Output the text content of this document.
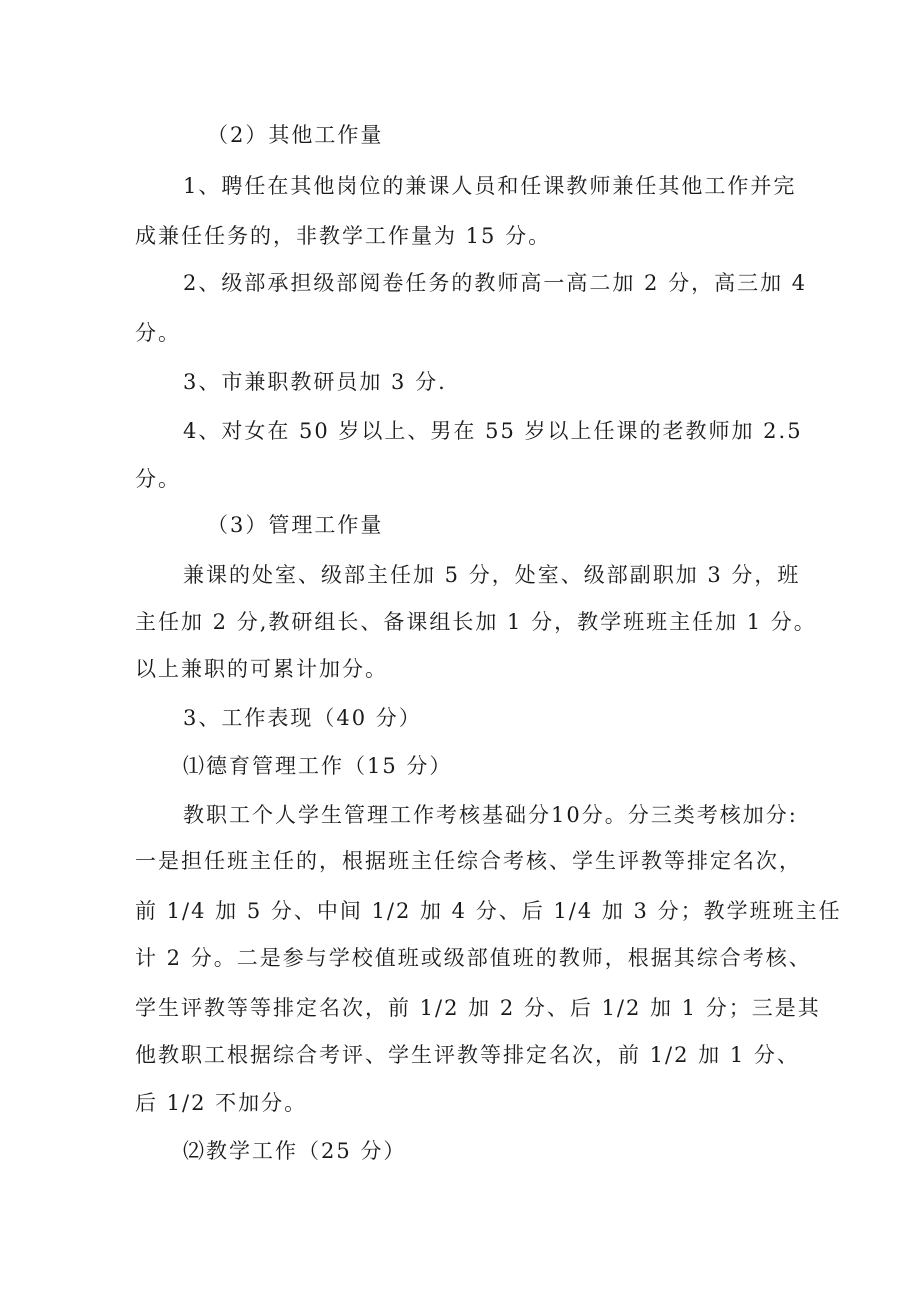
（2）其他工作量
1、聘任在其他岗位的兼课人员和任课教师兼任其他工作并完
成兼任任务的，非教学工作量为 15 分。
2、级部承担级部阅卷任务的教师高一高二加 2 分，高三加 4
分。
3、市兼职教研员加 3 分.
4、对女在 50 岁以上、男在 55 岁以上任课的老教师加 2.5
分。
（3）管理工作量
兼课的处室、级部主任加 5 分，处室、级部副职加 3 分，班
主任加 2 分,教研组长、备课组长加 1 分，教学班班主任加 1 分。
以上兼职的可累计加分。
3、工作表现（40 分）
⑴德育管理工作（15 分）
教职工个人学生管理工作考核基础分10分。分三类考核加分:
一是担任班主任的，根据班主任综合考核、学生评教等排定名次，
前 1/4 加 5 分、中间 1/2 加 4 分、后 1/4 加 3 分；教学班班主任
计 2 分。二是参与学校值班或级部值班的教师，根据其综合考核、
学生评教等等排定名次，前 1/2 加 2 分、后 1/2 加 1 分；三是其
他教职工根据综合考评、学生评教等排定名次，前 1/2 加 1 分、
后 1/2 不加分。
⑵教学工作（25 分）
